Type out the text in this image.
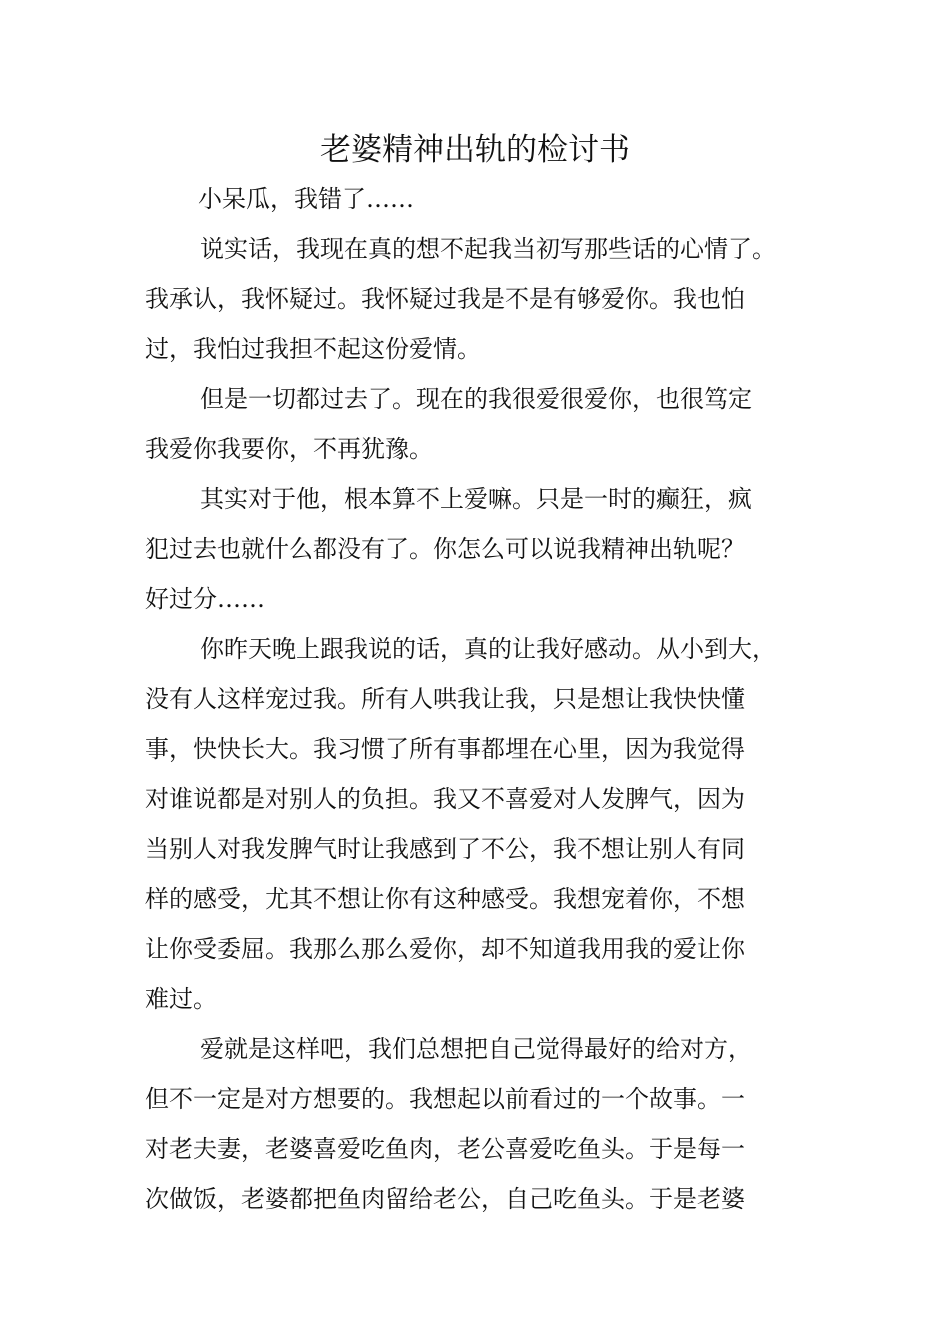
老婆精神出轨的检讨书

小呆瓜，我错了……

说实话，我现在真的想不起我当初写那些话的心情了。

我承认，我怀疑过。我怀疑过我是不是有够爱你。我也怕

过，我怕过我担不起这份爱情。

但是一切都过去了。现在的我很爱很爱你，也很笃定

我爱你我要你，不再犹豫。

其实对于他，根本算不上爱嘛。只是一时的癫狂，疯

犯过去也就什么都没有了。你怎么可以说我精神出轨呢？

好过分……

你昨天晚上跟我说的话，真的让我好感动。从小到大，

没有人这样宠过我。所有人哄我让我，只是想让我快快懂

事，快快长大。我习惯了所有事都埋在心里，因为我觉得

对谁说都是对别人的负担。我又不喜爱对人发脾气，因为

当别人对我发脾气时让我感到了不公，我不想让别人有同

样的感受，尤其不想让你有这种感受。我想宠着你，不想

让你受委屈。我那么那么爱你，却不知道我用我的爱让你

难过。

爱就是这样吧，我们总想把自己觉得最好的给对方，

但不一定是对方想要的。我想起以前看过的一个故事。一

对老夫妻，老婆喜爱吃鱼肉，老公喜爱吃鱼头。于是每一

次做饭，老婆都把鱼肉留给老公，自己吃鱼头。于是老婆
